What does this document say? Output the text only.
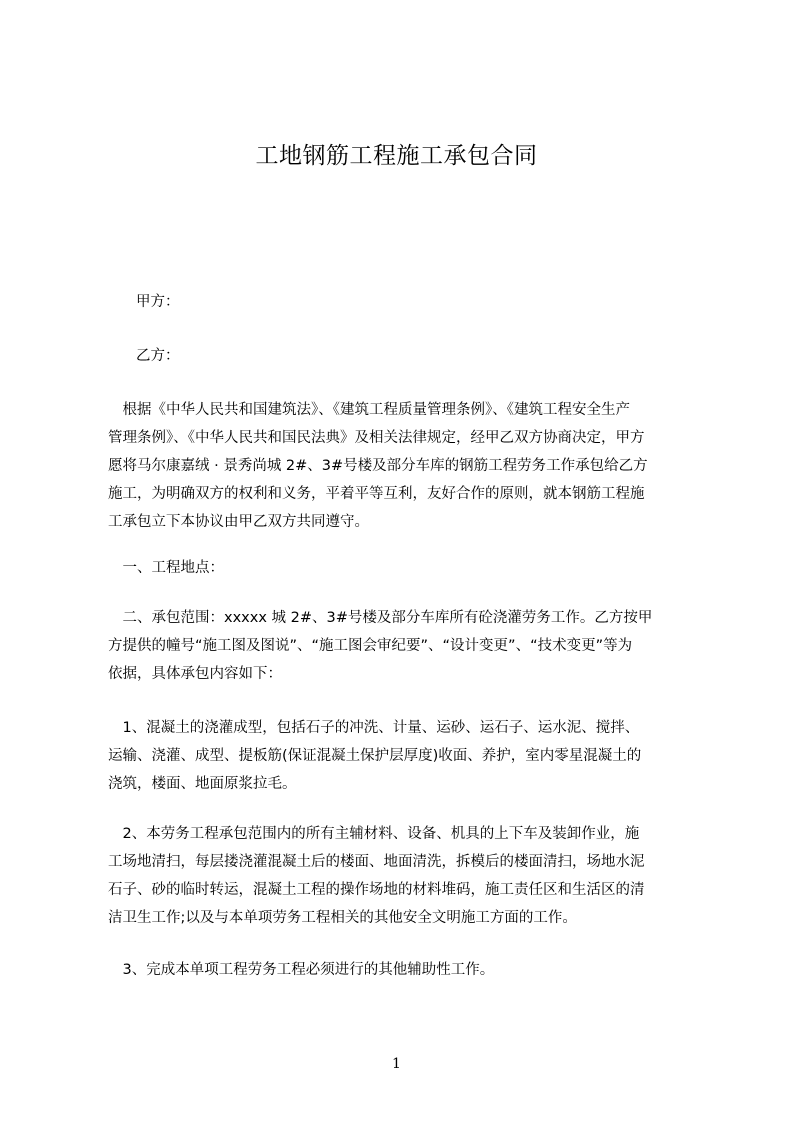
工地钢筋工程施工承包合同
甲方：
乙方：
　根据《中华人民共和国建筑法》、《建筑工程质量管理条例》、《建筑工程安全生产
管理条例》、《中华人民共和国民法典》及相关法律规定，经甲乙双方协商决定，甲方
愿将马尔康嘉绒 · 景秀尚城 2#、3#号楼及部分车库的钢筋工程劳务工作承包给乙方
施工，为明确双方的权利和义务，平着平等互利，友好合作的原则，就本钢筋工程施
工承包立下本协议由甲乙双方共同遵守。
　一、工程地点：
　二、承包范围：xxxxx 城 2#、3#号楼及部分车库所有砼浇灌劳务工作。乙方按甲
方提供的幢号“施工图及图说”、“施工图会审纪要”、“设计变更”、“技术变更”等为
依据，具体承包内容如下：
　1、混凝土的浇灌成型，包括石子的冲洗、计量、运砂、运石子、运水泥、搅拌、
运输、浇灌、成型、提板筋(保证混凝土保护层厚度)收面、养护，室内零星混凝土的
浇筑，楼面、地面原浆拉毛。
　2、本劳务工程承包范围内的所有主辅材料、设备、机具的上下车及装卸作业，施
工场地清扫，每层搂浇灌混凝土后的楼面、地面清洗，拆模后的楼面清扫，场地水泥
石子、砂的临时转运，混凝土工程的操作场地的材料堆码，施工责任区和生活区的清
洁卫生工作;以及与本单项劳务工程相关的其他安全文明施工方面的工作。
　3、完成本单项工程劳务工程必须进行的其他辅助性工作。
1
